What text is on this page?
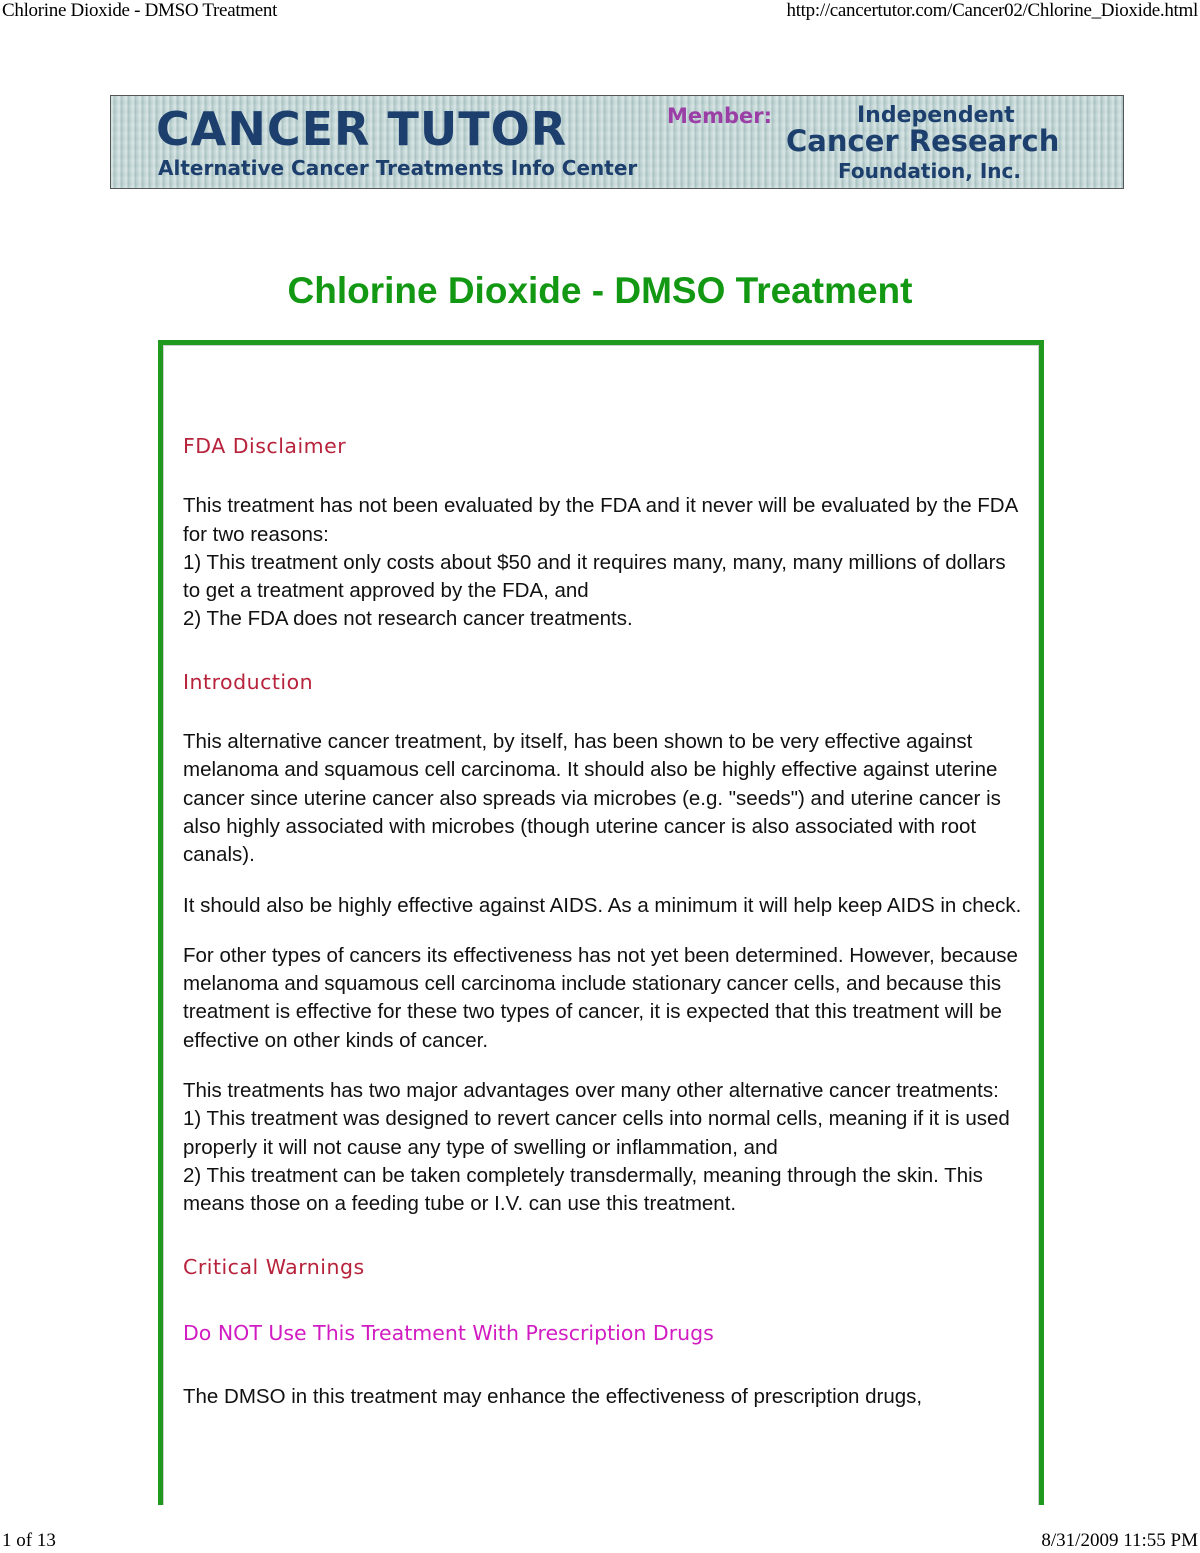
Chlorine Dioxide - DMSO Treatment	http://cancertutor.com/Cancer02/Chlorine_Dioxide.html
CANCER TUTOR
Alternative Cancer Treatments Info Center
Member:	Independent
Cancer Research
Foundation, Inc.
Chlorine Dioxide - DMSO Treatment
FDA Disclaimer

This treatment has not been evaluated by the FDA and it never will be evaluated by the FDA for two reasons:
1) This treatment only costs about $50 and it requires many, many, many millions of dollars to get a treatment approved by the FDA, and
2) The FDA does not research cancer treatments.

Introduction

This alternative cancer treatment, by itself, has been shown to be very effective against melanoma and squamous cell carcinoma. It should also be highly effective against uterine cancer since uterine cancer also spreads via microbes (e.g. "seeds") and uterine cancer is also highly associated with microbes (though uterine cancer is also associated with root canals).

It should also be highly effective against AIDS. As a minimum it will help keep AIDS in check.

For other types of cancers its effectiveness has not yet been determined. However, because melanoma and squamous cell carcinoma include stationary cancer cells, and because this treatment is effective for these two types of cancer, it is expected that this treatment will be effective on other kinds of cancer.

This treatments has two major advantages over many other alternative cancer treatments:
1) This treatment was designed to revert cancer cells into normal cells, meaning if it is used properly it will not cause any type of swelling or inflammation, and
2) This treatment can be taken completely transdermally, meaning through the skin. This means those on a feeding tube or I.V. can use this treatment.

Critical Warnings
Do NOT Use This Treatment With Prescription Drugs

The DMSO in this treatment may enhance the effectiveness of prescription drugs,

1 of 13	8/31/2009 11:55 PM
